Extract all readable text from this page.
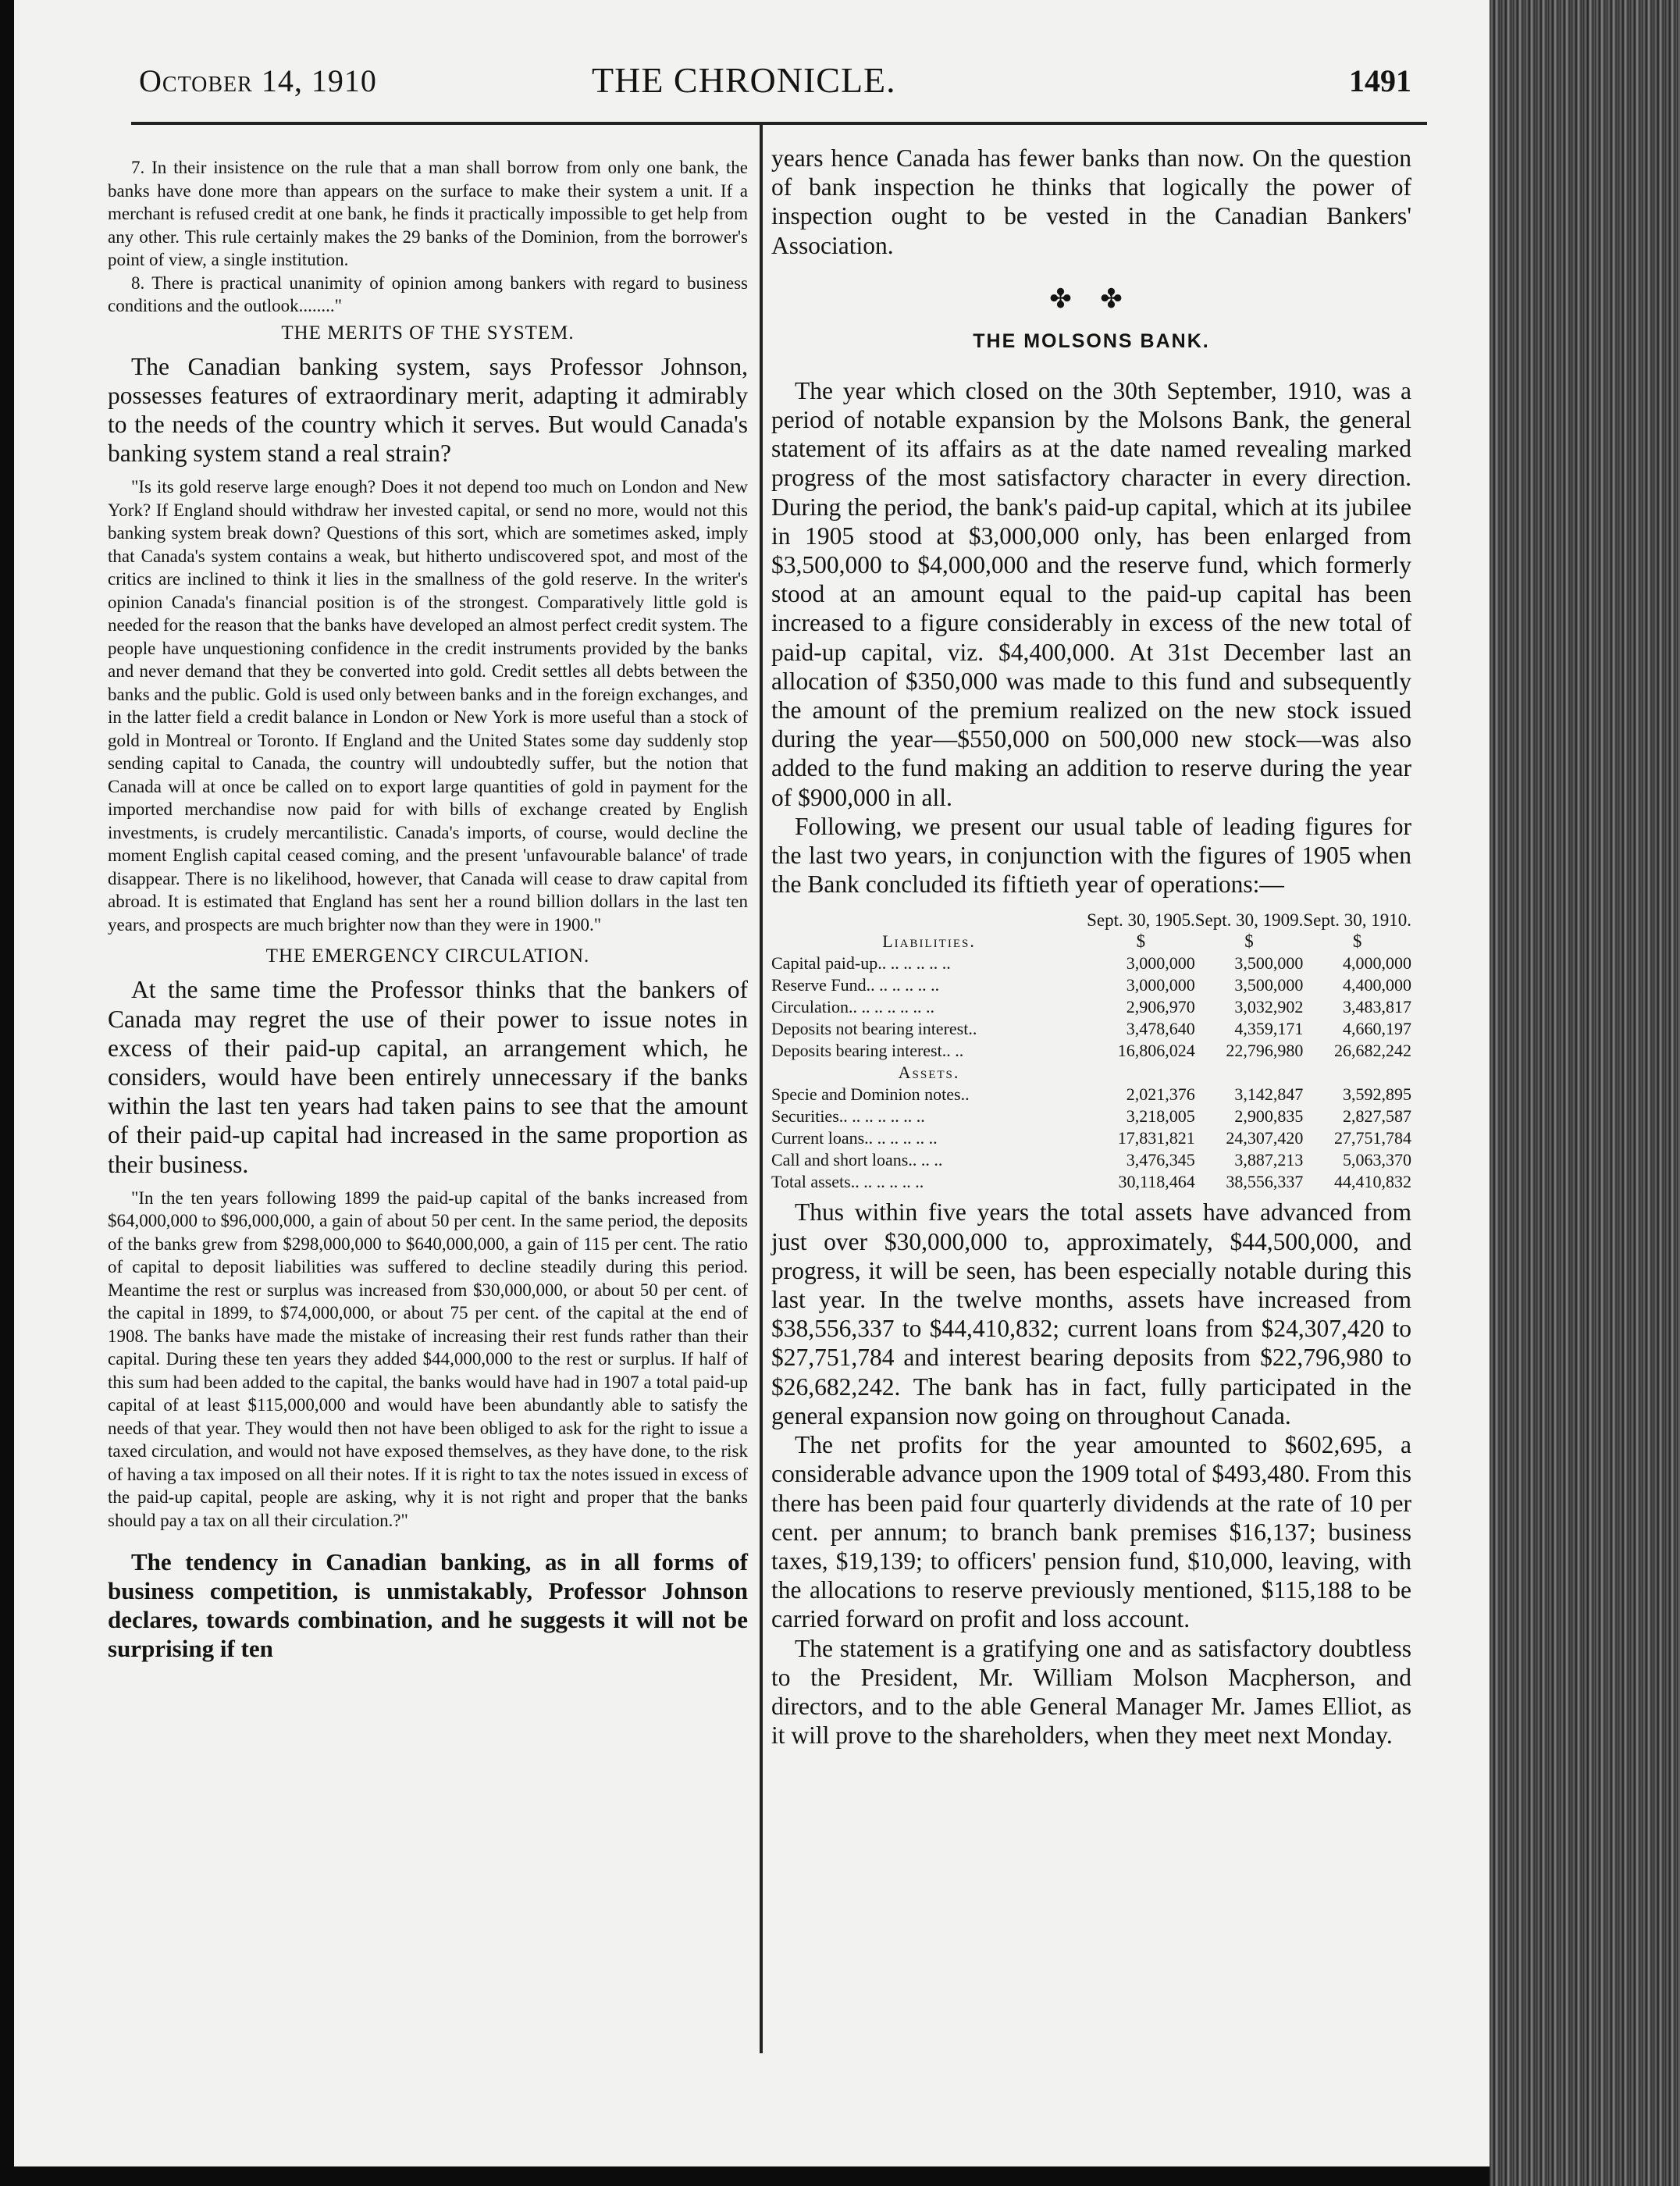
October 14, 1910	THE CHRONICLE.	1491

7. In their insistence on the rule that a man shall borrow from only one bank, the banks have done more than appears on the surface to make their system a unit. If a merchant is refused credit at one bank, he finds it practically impossible to get help from any other. This rule certainly makes the 29 banks of the Dominion, from the borrower's point of view, a single institution.

8. There is practical unanimity of opinion among bankers with regard to business conditions and the outlook........"

THE MERITS OF THE SYSTEM.

The Canadian banking system, says Professor Johnson, possesses features of extraordinary merit, adapting it admirably to the needs of the country which it serves. But would Canada's banking system stand a real strain?

"Is its gold reserve large enough? Does it not depend too much on London and New York? If England should withdraw her invested capital, or send no more, would not this banking system break down? Questions of this sort, which are sometimes asked, imply that Canada's system contains a weak, but hitherto undiscovered spot, and most of the critics are inclined to think it lies in the smallness of the gold reserve. In the writer's opinion Canada's financial position is of the strongest. Comparatively little gold is needed for the reason that the banks have developed an almost perfect credit system. The people have unquestioning confidence in the credit instruments provided by the banks and never demand that they be converted into gold. Credit settles all debts between the banks and the public. Gold is used only between banks and in the foreign exchanges, and in the latter field a credit balance in London or New York is more useful than a stock of gold in Montreal or Toronto. If England and the United States some day suddenly stop sending capital to Canada, the country will undoubtedly suffer, but the notion that Canada will at once be called on to export large quantities of gold in payment for the imported merchandise now paid for with bills of exchange created by English investments, is crudely mercantilistic. Canada's imports, of course, would decline the moment English capital ceased coming, and the present 'unfavourable balance' of trade disappear. There is no likelihood, however, that Canada will cease to draw capital from abroad. It is estimated that England has sent her a round billion dollars in the last ten years, and prospects are much brighter now than they were in 1900."

THE EMERGENCY CIRCULATION.

At the same time the Professor thinks that the bankers of Canada may regret the use of their power to issue notes in excess of their paid-up capital, an arrangement which, he considers, would have been entirely unnecessary if the banks within the last ten years had taken pains to see that the amount of their paid-up capital had increased in the same proportion as their business.

"In the ten years following 1899 the paid-up capital of the banks increased from $64,000,000 to $96,000,000, a gain of about 50 per cent. In the same period, the deposits of the banks grew from $298,000,000 to $640,000,000, a gain of 115 per cent. The ratio of capital to deposit liabilities was suffered to decline steadily during this period. Meantime the rest or surplus was increased from $30,000,000, or about 50 per cent. of the capital in 1899, to $74,000,000, or about 75 per cent. of the capital at the end of 1908. The banks have made the mistake of increasing their rest funds rather than their capital. During these ten years they added $44,000,000 to the rest or surplus. If half of this sum had been added to the capital, the banks would have had in 1907 a total paid-up capital of at least $115,000,000 and would have been abundantly able to satisfy the needs of that year. They would then not have been obliged to ask for the right to issue a taxed circulation, and would not have exposed themselves, as they have done, to the risk of having a tax imposed on all their notes. If it is right to tax the notes issued in excess of the paid-up capital, people are asking, why it is not right and proper that the banks should pay a tax on all their circulation.?"

The tendency in Canadian banking, as in all forms of business competition, is unmistakably, Professor Johnson declares, towards combination, and he suggests it will not be surprising if ten

years hence Canada has fewer banks than now. On the question of bank inspection he thinks that logically the power of inspection ought to be vested in the Canadian Bankers' Association.

✤ ✤
THE MOLSONS BANK.

The year which closed on the 30th September, 1910, was a period of notable expansion by the Molsons Bank, the general statement of its affairs as at the date named revealing marked progress of the most satisfactory character in every direction. During the period, the bank's paid-up capital, which at its jubilee in 1905 stood at $3,000,000 only, has been enlarged from $3,500,000 to $4,000,000 and the reserve fund, which formerly stood at an amount equal to the paid-up capital has been increased to a figure considerably in excess of the new total of paid-up capital, viz. $4,400,000. At 31st December last an allocation of $350,000 was made to this fund and subsequently the amount of the premium realized on the new stock issued during the year—$550,000 on 500,000 new stock—was also added to the fund making an addition to reserve during the year of $900,000 in all.

Following, we present our usual table of leading figures for the last two years, in conjunction with the figures of 1905 when the Bank concluded its fiftieth year of operations:—

	Sept. 30, 1905.	Sept. 30, 1909.	Sept. 30, 1910.
Liabilities.	$	$	$
Capital paid-up.. .. .. .. .. ..	3,000,000	3,500,000	4,000,000
Reserve Fund.. .. .. .. .. ..	3,000,000	3,500,000	4,400,000
Circulation.. .. .. .. .. .. ..	2,906,970	3,032,902	3,483,817
Deposits not bearing interest..	3,478,640	4,359,171	4,660,197
Deposits bearing interest.. ..	16,806,024	22,796,980	26,682,242
Assets.			
Specie and Dominion notes..	2,021,376	3,142,847	3,592,895
Securities.. .. .. .. .. .. ..	3,218,005	2,900,835	2,827,587
Current loans.. .. .. .. .. ..	17,831,821	24,307,420	27,751,784
Call and short loans.. .. ..	3,476,345	3,887,213	5,063,370
Total assets.. .. .. .. .. ..	30,118,464	38,556,337	44,410,832

Thus within five years the total assets have advanced from just over $30,000,000 to, approximately, $44,500,000, and progress, it will be seen, has been especially notable during this last year. In the twelve months, assets have increased from $38,556,337 to $44,410,832; current loans from $24,307,420 to $27,751,784 and interest bearing deposits from $22,796,980 to $26,682,242. The bank has in fact, fully participated in the general expansion now going on throughout Canada.

The net profits for the year amounted to $602,695, a considerable advance upon the 1909 total of $493,480. From this there has been paid four quarterly dividends at the rate of 10 per cent. per annum; to branch bank premises $16,137; business taxes, $19,139; to officers' pension fund, $10,000, leaving, with the allocations to reserve previously mentioned, $115,188 to be carried forward on profit and loss account.

The statement is a gratifying one and as satisfactory doubtless to the President, Mr. William Molson Macpherson, and directors, and to the able General Manager Mr. James Elliot, as it will prove to the shareholders, when they meet next Monday.
